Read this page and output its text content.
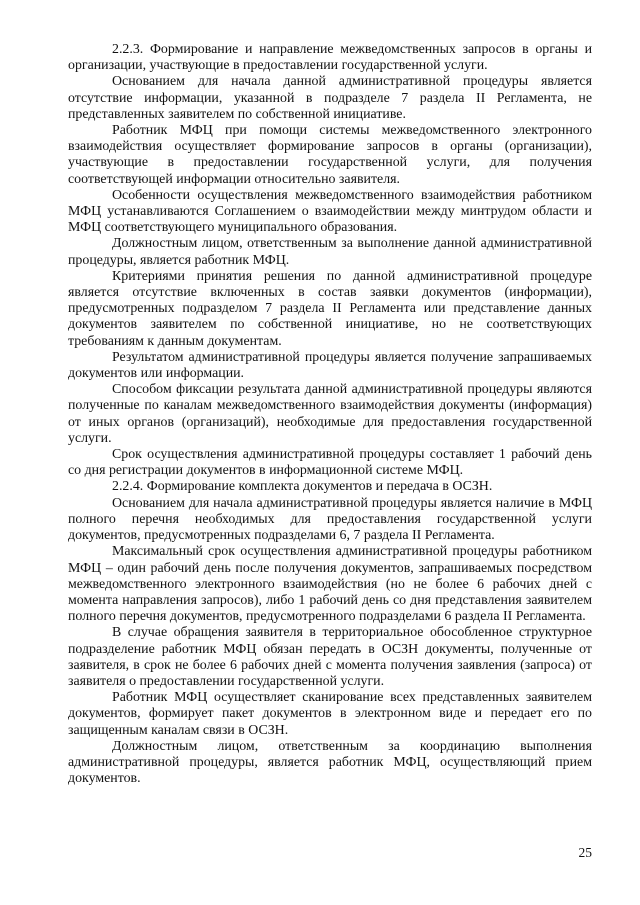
2.2.3. Формирование и направление межведомственных запросов в органы и организации, участвующие в предоставлении государственной услуги.

Основанием для начала данной административной процедуры является отсутствие информации, указанной в подразделе 7 раздела II Регламента, не представленных заявителем по собственной инициативе.

Работник МФЦ при помощи системы межведомственного электронного взаимодействия осуществляет формирование запросов в органы (организации), участвующие в предоставлении государственной услуги, для получения соответствующей информации относительно заявителя.

Особенности осуществления межведомственного взаимодействия работником МФЦ устанавливаются Соглашением о взаимодействии между минтрудом области и МФЦ соответствующего муниципального образования.

Должностным лицом, ответственным за выполнение данной административной процедуры, является работник МФЦ.

Критериями принятия решения по данной административной процедуре является отсутствие включенных в состав заявки документов (информации), предусмотренных подразделом 7 раздела II Регламента или представление данных документов заявителем по собственной инициативе, но не соответствующих требованиям к данным документам.

Результатом административной процедуры является получение запрашиваемых документов или информации.

Способом фиксации результата данной административной процедуры являются полученные по каналам межведомственного взаимодействия документы (информация) от иных органов (организаций), необходимые для предоставления государственной услуги.

Срок осуществления административной процедуры составляет 1 рабочий день со дня регистрации документов в информационной системе МФЦ.

2.2.4. Формирование комплекта документов и передача в ОСЗН.

Основанием для начала административной процедуры является наличие в МФЦ полного перечня необходимых для предоставления государственной услуги документов, предусмотренных подразделами 6, 7 раздела II Регламента.

Максимальный срок осуществления административной процедуры работником МФЦ – один рабочий день после получения документов, запрашиваемых посредством межведомственного электронного взаимодействия (но не более 6 рабочих дней с момента направления запросов), либо 1 рабочий день со дня представления заявителем полного перечня документов, предусмотренного подразделами 6 раздела II Регламента.

В случае обращения заявителя в территориальное обособленное структурное подразделение работник МФЦ обязан передать в ОСЗН документы, полученные от заявителя, в срок не более 6 рабочих дней с момента получения заявления (запроса) от заявителя о предоставлении государственной услуги.

Работник МФЦ осуществляет сканирование всех представленных заявителем документов, формирует пакет документов в электронном виде и передает его по защищенным каналам связи в ОСЗН.

Должностным лицом, ответственным за координацию выполнения административной процедуры, является работник МФЦ, осуществляющий прием документов.

25
